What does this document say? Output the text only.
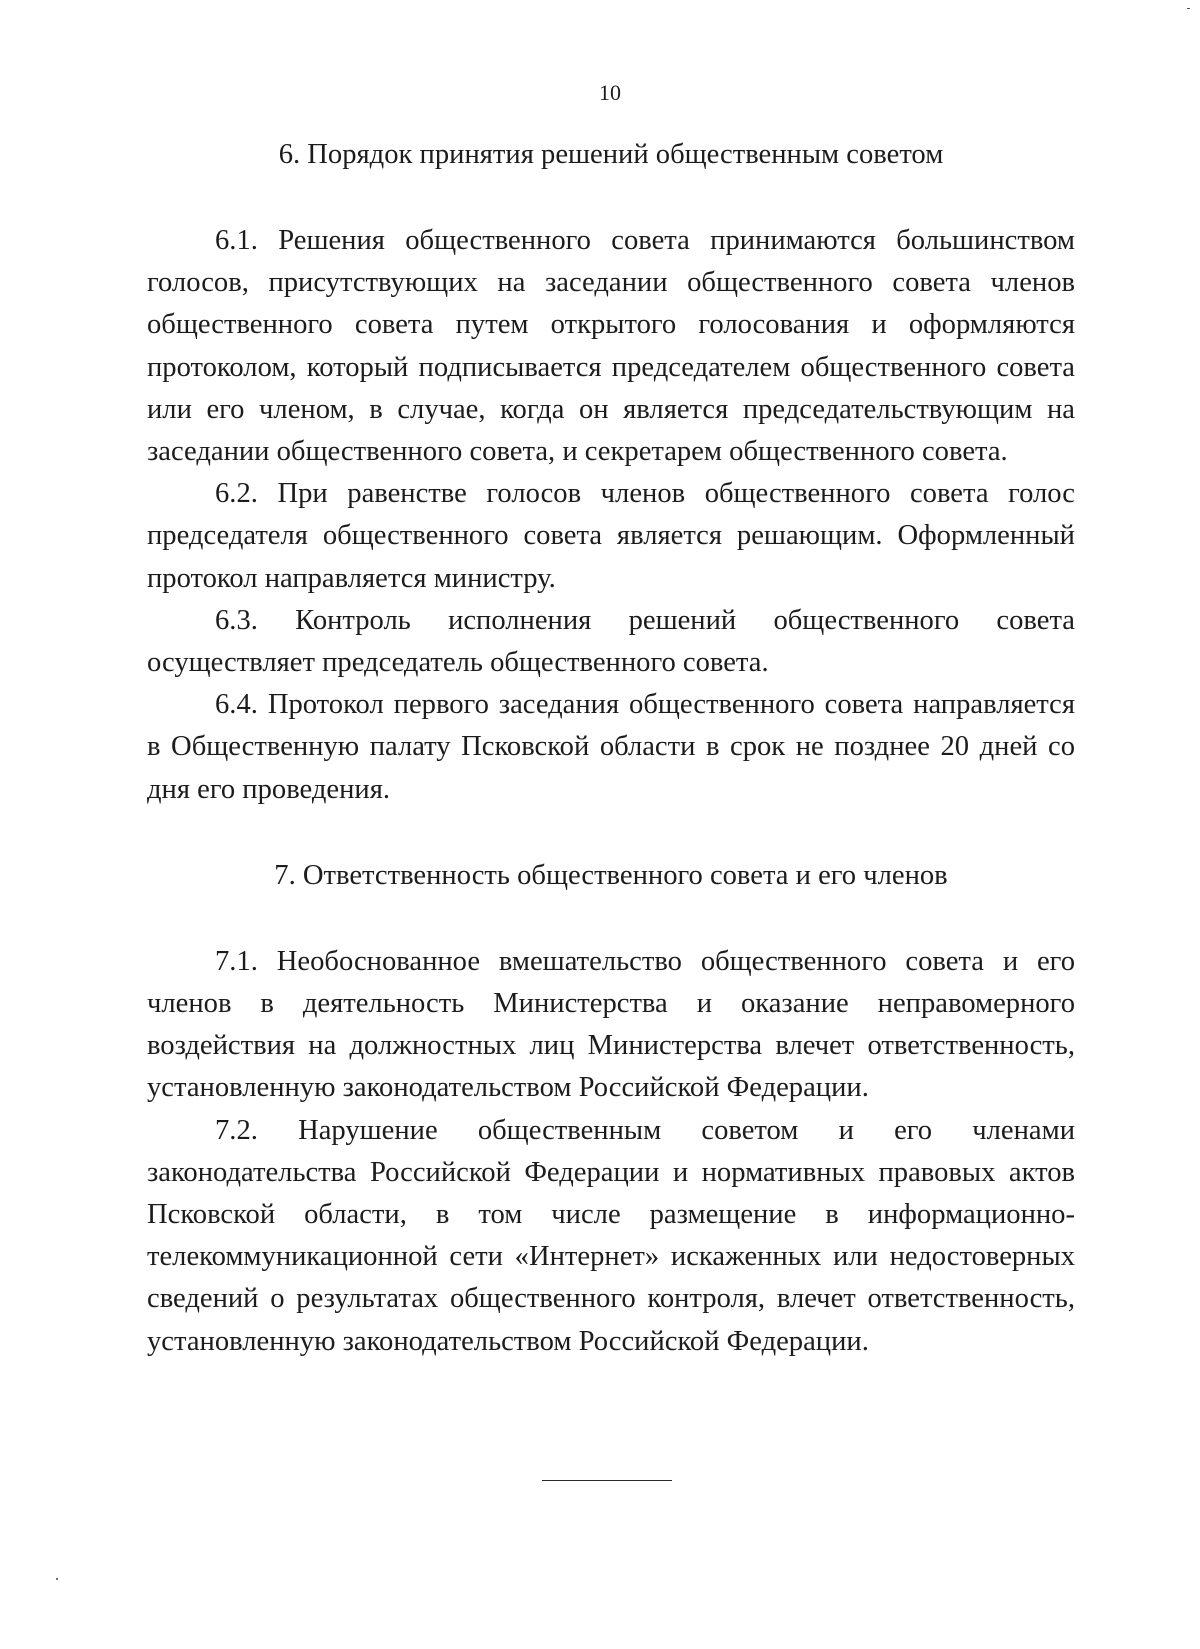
10
6. Порядок принятия решений общественным советом

6.1. Решения общественного совета принимаются большинством голосов, присутствующих на заседании общественного совета членов общественного совета путем открытого голосования и оформляются протоколом, который подписывается председателем общественного совета или его членом, в случае, когда он является председательствующим на заседании общественного совета, и секретарем общественного совета.

6.2. При равенстве голосов членов общественного совета голос председателя общественного совета является решающим. Оформленный протокол направляется министру.

6.3. Контроль исполнения решений общественного совета осуществляет председатель общественного совета.

6.4. Протокол первого заседания общественного совета направляется в Общественную палату Псковской области в срок не позднее 20 дней со дня его проведения.

7. Ответственность общественного совета и его членов

7.1. Необоснованное вмешательство общественного совета и его членов в деятельность Министерства и оказание неправомерного воздействия на должностных лиц Министерства влечет ответственность, установленную законодательством Российской Федерации.

7.2. Нарушение общественным советом и его членами законодательства Российской Федерации и нормативных правовых актов Псковской области, в том числе размещение в информационно-телекоммуникационной сети «Интернет» искаженных или недостоверных сведений о результатах общественного контроля, влечет ответственность, установленную законодательством Российской Федерации.
